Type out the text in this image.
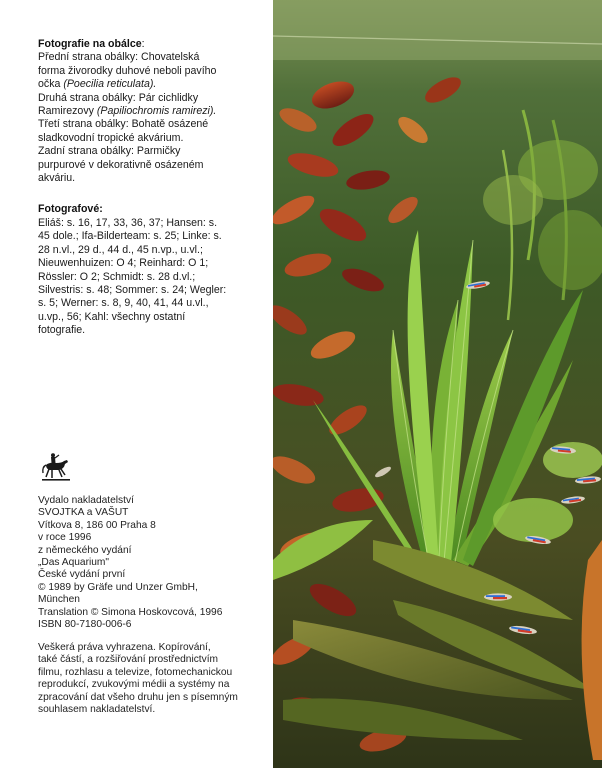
Fotografie na obálce:
Přední strana obálky: Chovatelská
forma živorodky duhové neboli pavího
očka (Poecilia reticulata).
Druhá strana obálky: Pár cichlidky
Ramirezovy (Papiliochromis ramirezi).
Třetí strana obálky: Bohatě osázené
sladkovodní tropické akvárium.
Zadní strana obálky: Parmičky
purpurové v dekorativně osázeném
akváriu.
Fotografové:
Eliáš: s. 16, 17, 33, 36, 37; Hansen: s.
45 dole.; Ifa-Bilderteam: s. 25; Linke: s.
28 n.vl., 29 d., 44 d., 45 n.vp., u.vl.;
Nieuwenhuizen: O 4; Reinhard: O 1;
Rössler: O 2; Schmidt: s. 28 d.vl.;
Silvestris: s. 48; Sommer: s. 24; Wegler:
s. 5; Werner: s. 8, 9, 40, 41, 44 u.vl.,
u.vp., 56; Kahl: všechny ostatní
fotografie.
Vydalo nakladatelství
SVOJTKA a VAŠUT
Vítkova 8, 186 00 Praha 8
v roce 1996
z německého vydání
„Das Aquarium"
České vydání první
© 1989 by Gräfe und Unzer GmbH,
München
Translation © Simona Hoskovcová, 1996
ISBN 80-7180-006-6
Veškerá práva vyhrazena. Kopírování,
také částí, a rozšiřování prostřednictvím
filmu, rozhlasu a televize, fotomechanickou
reprodukcí, zvukovými médii a systémy na
zpracování dat všeho druhu jen s písemným
souhlasem nakladatelství.
